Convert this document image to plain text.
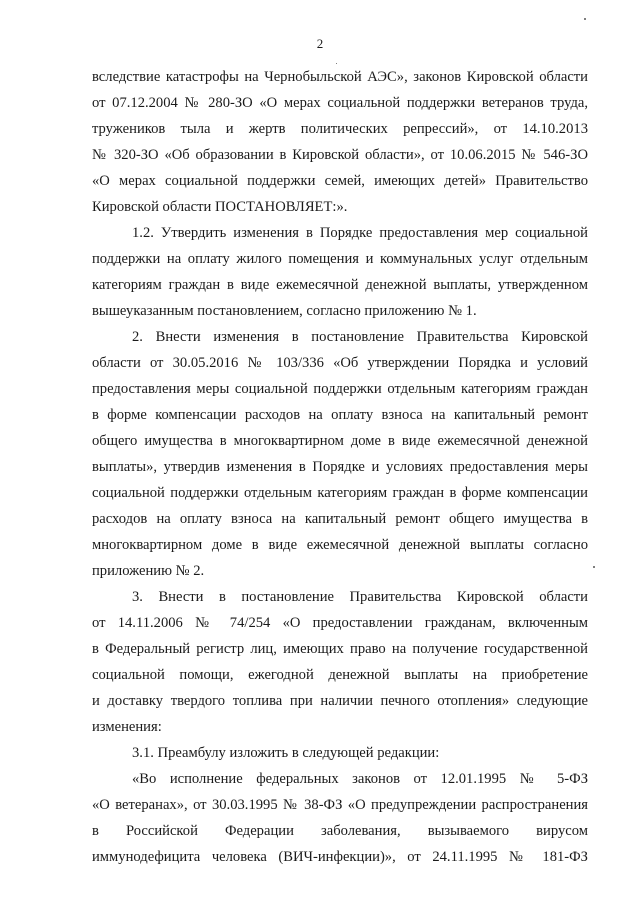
2
вследствие катастрофы на Чернобыльской АЭС», законов Кировской области
от 07.12.2004 № 280-ЗО «О мерах социальной поддержки ветеранов труда,
тружеников тыла и жертв политических репрессий», от 14.10.2013
№ 320-ЗО «Об образовании в Кировской области», от 10.06.2015 № 546-ЗО
«О мерах социальной поддержки семей, имеющих детей» Правительство
Кировской области ПОСТАНОВЛЯЕТ:».
1.2. Утвердить изменения в Порядке предоставления мер социальной
поддержки на оплату жилого помещения и коммунальных услуг отдельным
категориям граждан в виде ежемесячной денежной выплаты, утвержденном
вышеуказанным постановлением, согласно приложению № 1.
2. Внести изменения в постановление Правительства Кировской
области от 30.05.2016 № 103/336 «Об утверждении Порядка и условий
предоставления меры социальной поддержки отдельным категориям граждан
в форме компенсации расходов на оплату взноса на капитальный ремонт
общего имущества в многоквартирном доме в виде ежемесячной денежной
выплаты», утвердив изменения в Порядке и условиях предоставления меры
социальной поддержки отдельным категориям граждан в форме компенсации
расходов на оплату взноса на капитальный ремонт общего имущества в
многоквартирном доме в виде ежемесячной денежной выплаты согласно
приложению № 2.
3. Внести в постановление Правительства Кировской области
от 14.11.2006 № 74/254 «О предоставлении гражданам, включенным
в Федеральный регистр лиц, имеющих право на получение государственной
социальной помощи, ежегодной денежной выплаты на приобретение
и доставку твердого топлива при наличии печного отопления» следующие
изменения:
3.1. Преамбулу изложить в следующей редакции:
«Во исполнение федеральных законов от 12.01.1995 № 5-ФЗ
«О ветеранах», от 30.03.1995 № 38-ФЗ «О предупреждении распространения
в Российской Федерации заболевания, вызываемого вирусом
иммунодефицита человека (ВИЧ-инфекции)», от 24.11.1995 № 181-ФЗ
